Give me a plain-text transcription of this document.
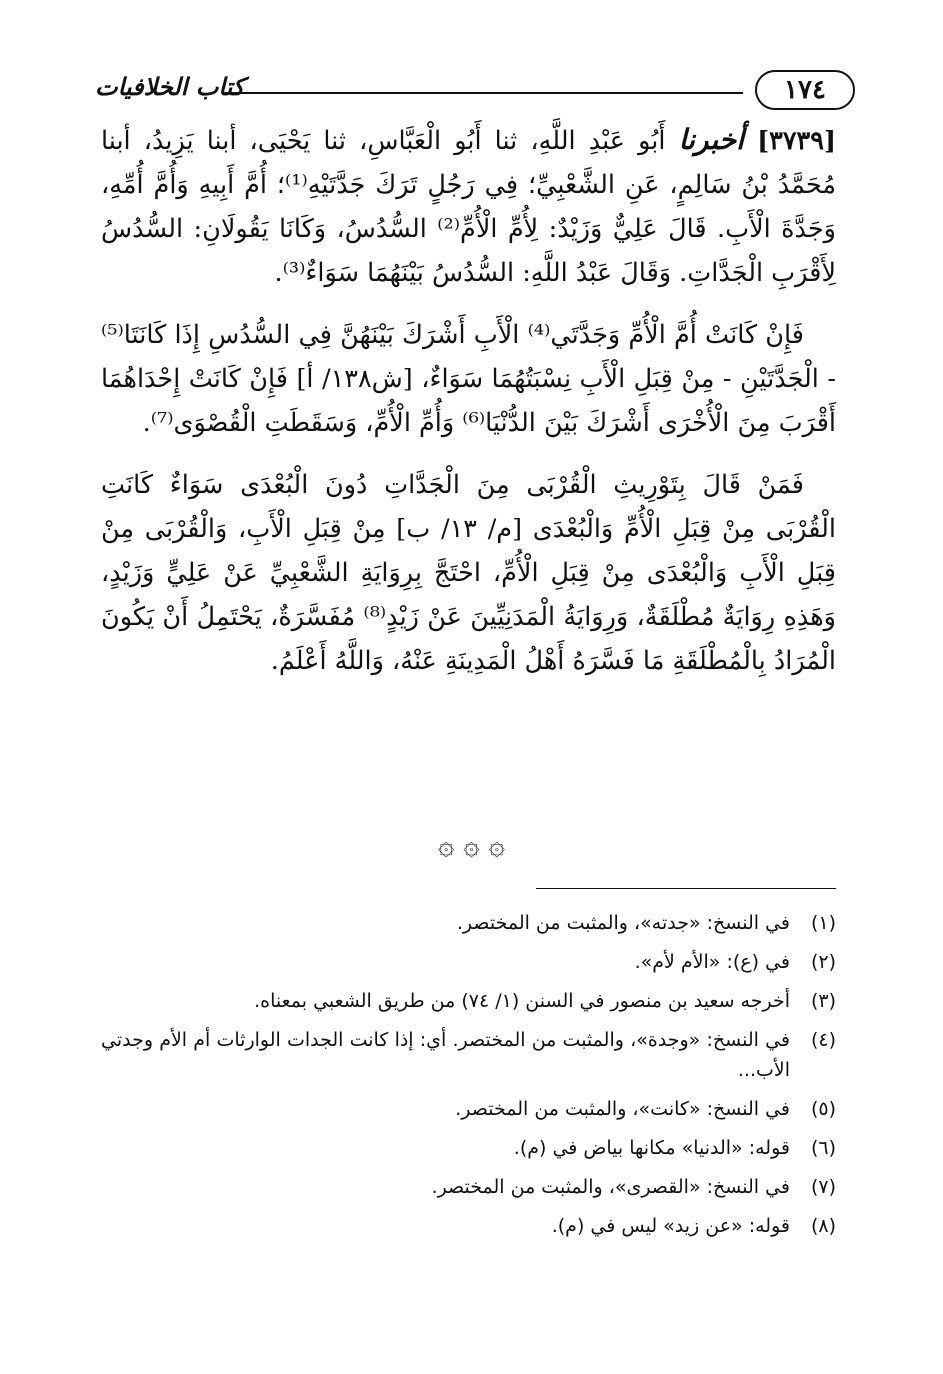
١٧٤
كتاب الخلافيات

[٣٧٣٩] أخبرنا أَبُو عَبْدِ اللَّهِ، ثنا أَبُو الْعَبَّاسِ، ثنا يَحْيَى، أبنا يَزِيدُ، أبنا مُحَمَّدُ بْنُ سَالِمٍ، عَنِ الشَّعْبِيِّ؛ فِي رَجُلٍ تَرَكَ جَدَّتَيْهِ⁽¹⁾؛ أُمَّ أَبِيهِ وَأُمَّ أُمِّهِ، وَجَدَّةَ الْأَبِ. قَالَ عَلِيٌّ وَزَيْدٌ: لِأُمِّ الْأُمِّ⁽²⁾ السُّدُسُ، وَكَانَا يَقُولَانِ: السُّدُسُ لِأَقْرَبِ الْجَدَّاتِ. وَقَالَ عَبْدُ اللَّهِ: السُّدُسُ بَيْنَهُمَا سَوَاءٌ⁽³⁾.

فَإِنْ كَانَتْ أُمَّ الْأُمِّ وَجَدَّتَي⁽⁴⁾ الْأَبِ أَشْرَكَ بَيْنَهُنَّ فِي السُّدُسِ إِذَا كَانَتَا⁽⁵⁾ - الْجَدَّتَيْنِ - مِنْ قِبَلِ الْأَبِ نِسْبَتُهُمَا سَوَاءٌ، [ش١٣٨/ أ] فَإِنْ كَانَتْ إِحْدَاهُمَا أَقْرَبَ مِنَ الْأُخْرَى أَشْرَكَ بَيْنَ الدُّنْيَا⁽⁶⁾ وَأُمِّ الْأُمِّ، وَسَقَطَتِ الْقُصْوَى⁽⁷⁾.

فَمَنْ قَالَ بِتَوْرِيثِ الْقُرْبَى مِنَ الْجَدَّاتِ دُونَ الْبُعْدَى سَوَاءٌ كَانَتِ الْقُرْبَى مِنْ قِبَلِ الْأُمِّ وَالْبُعْدَى [م/ ١٣/ ب] مِنْ قِبَلِ الْأَبِ، وَالْقُرْبَى مِنْ قِبَلِ الْأَبِ وَالْبُعْدَى مِنْ قِبَلِ الْأُمِّ، احْتَجَّ بِرِوَايَةِ الشَّعْبِيِّ عَنْ عَلِيٍّ وَزَيْدٍ، وَهَذِهِ رِوَايَةٌ مُطْلَقَةٌ، وَرِوَايَةُ الْمَدَنِيِّينَ عَنْ زَيْدٍ⁽⁸⁾ مُفَسَّرَةٌ، يَحْتَمِلُ أَنْ يَكُونَ الْمُرَادُ بِالْمُطْلَقَةِ مَا فَسَّرَهُ أَهْلُ الْمَدِينَةِ عَنْهُ، وَاللَّهُ أَعْلَمُ.

۞ ۞ ۞
(١)
في النسخ: «جدته»، والمثبت من المختصر.
(٢)
في (ع): «الأم لأم».
(٣)
أخرجه سعيد بن منصور في السنن (١/ ٧٤) من طريق الشعبي بمعناه.
(٤)
في النسخ: «وجدة»، والمثبت من المختصر. أي: إذا كانت الجدات الوارثات أم الأم وجدتي الأب...
(٥)
في النسخ: «كانت»، والمثبت من المختصر.
(٦)
قوله: «الدنيا» مكانها بياض في (م).
(٧)
في النسخ: «القصرى»، والمثبت من المختصر.
(٨)
قوله: «عن زيد» ليس في (م).
